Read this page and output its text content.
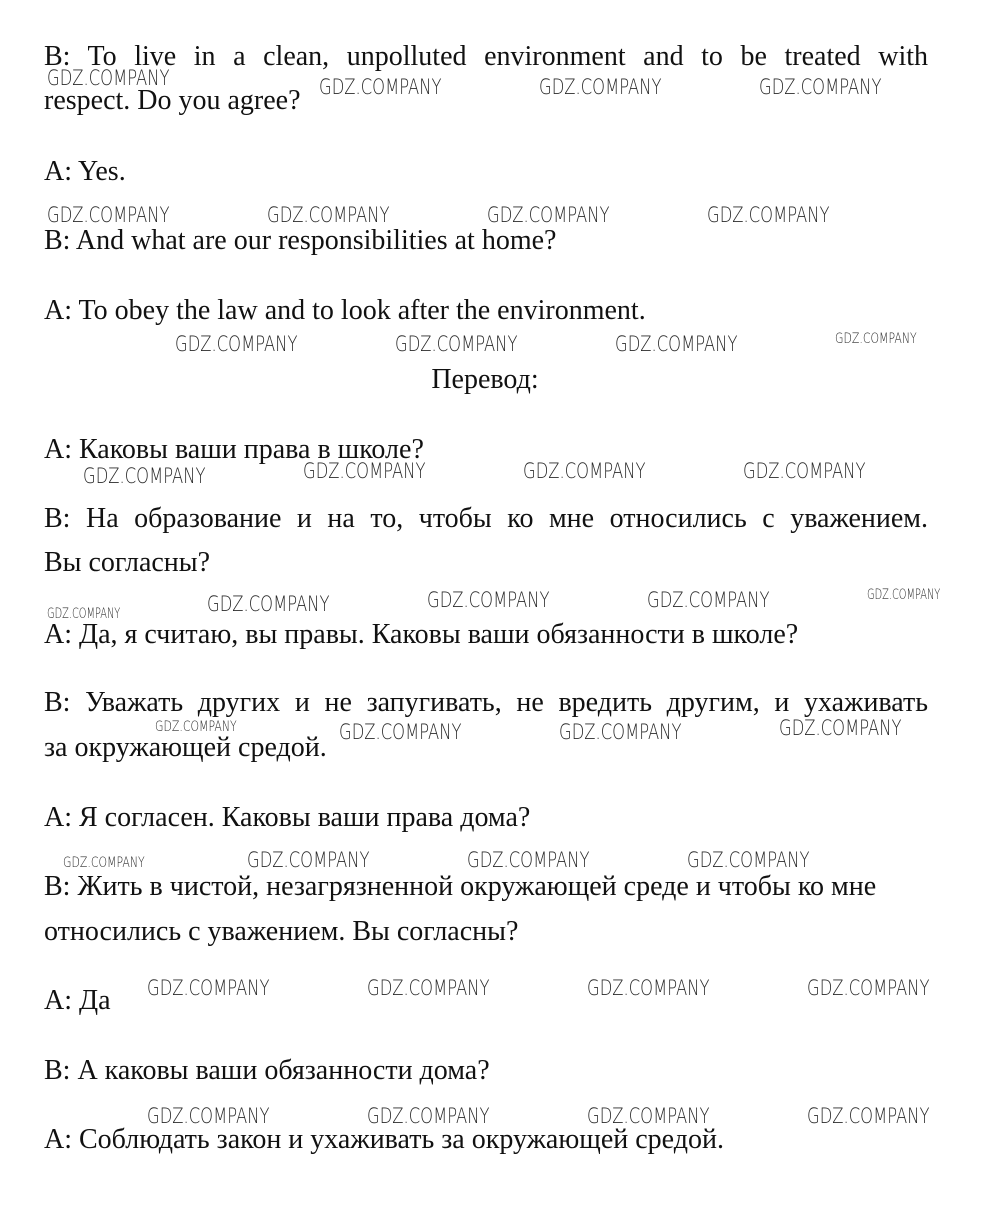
B: To live in a clean, unpolluted environment and to be treated with
respect. Do you agree?
A: Yes.
B: And what are our responsibilities at home?
A: To obey the law and to look after the environment.
Перевод:
A: Каковы ваши права в школе?
B: На образование и на то, чтобы ко мне относились с уважением.
Вы согласны?
A: Да, я считаю, вы правы. Каковы ваши обязанности в школе?
B: Уважать других и не запугивать, не вредить другим, и ухаживать
за окружающей средой.
A: Я согласен. Каковы ваши права дома?
B: Жить в чистой, незагрязненной окружающей среде и чтобы ко мне
относились с уважением. Вы согласны?
A: Да
B: А каковы ваши обязанности дома?
A: Соблюдать закон и ухаживать за окружающей средой.
GDZ.COMPANY	GDZ.COMPANY	GDZ.COMPANY	GDZ.COMPANY
GDZ.COMPANY	GDZ.COMPANY	GDZ.COMPANY	GDZ.COMPANY
GDZ.COMPANY	GDZ.COMPANY	GDZ.COMPANY	GDZ.COMPANY
GDZ.COMPANY	GDZ.COMPANY	GDZ.COMPANY	GDZ.COMPANY
GDZ.COMPANY	GDZ.COMPANY	GDZ.COMPANY	GDZ.COMPANY	GDZ.COMPANY
GDZ.COMPANY	GDZ.COMPANY	GDZ.COMPANY	GDZ.COMPANY
GDZ.COMPANY	GDZ.COMPANY	GDZ.COMPANY	GDZ.COMPANY
GDZ.COMPANY	GDZ.COMPANY	GDZ.COMPANY	GDZ.COMPANY
GDZ.COMPANY	GDZ.COMPANY	GDZ.COMPANY	GDZ.COMPANY
